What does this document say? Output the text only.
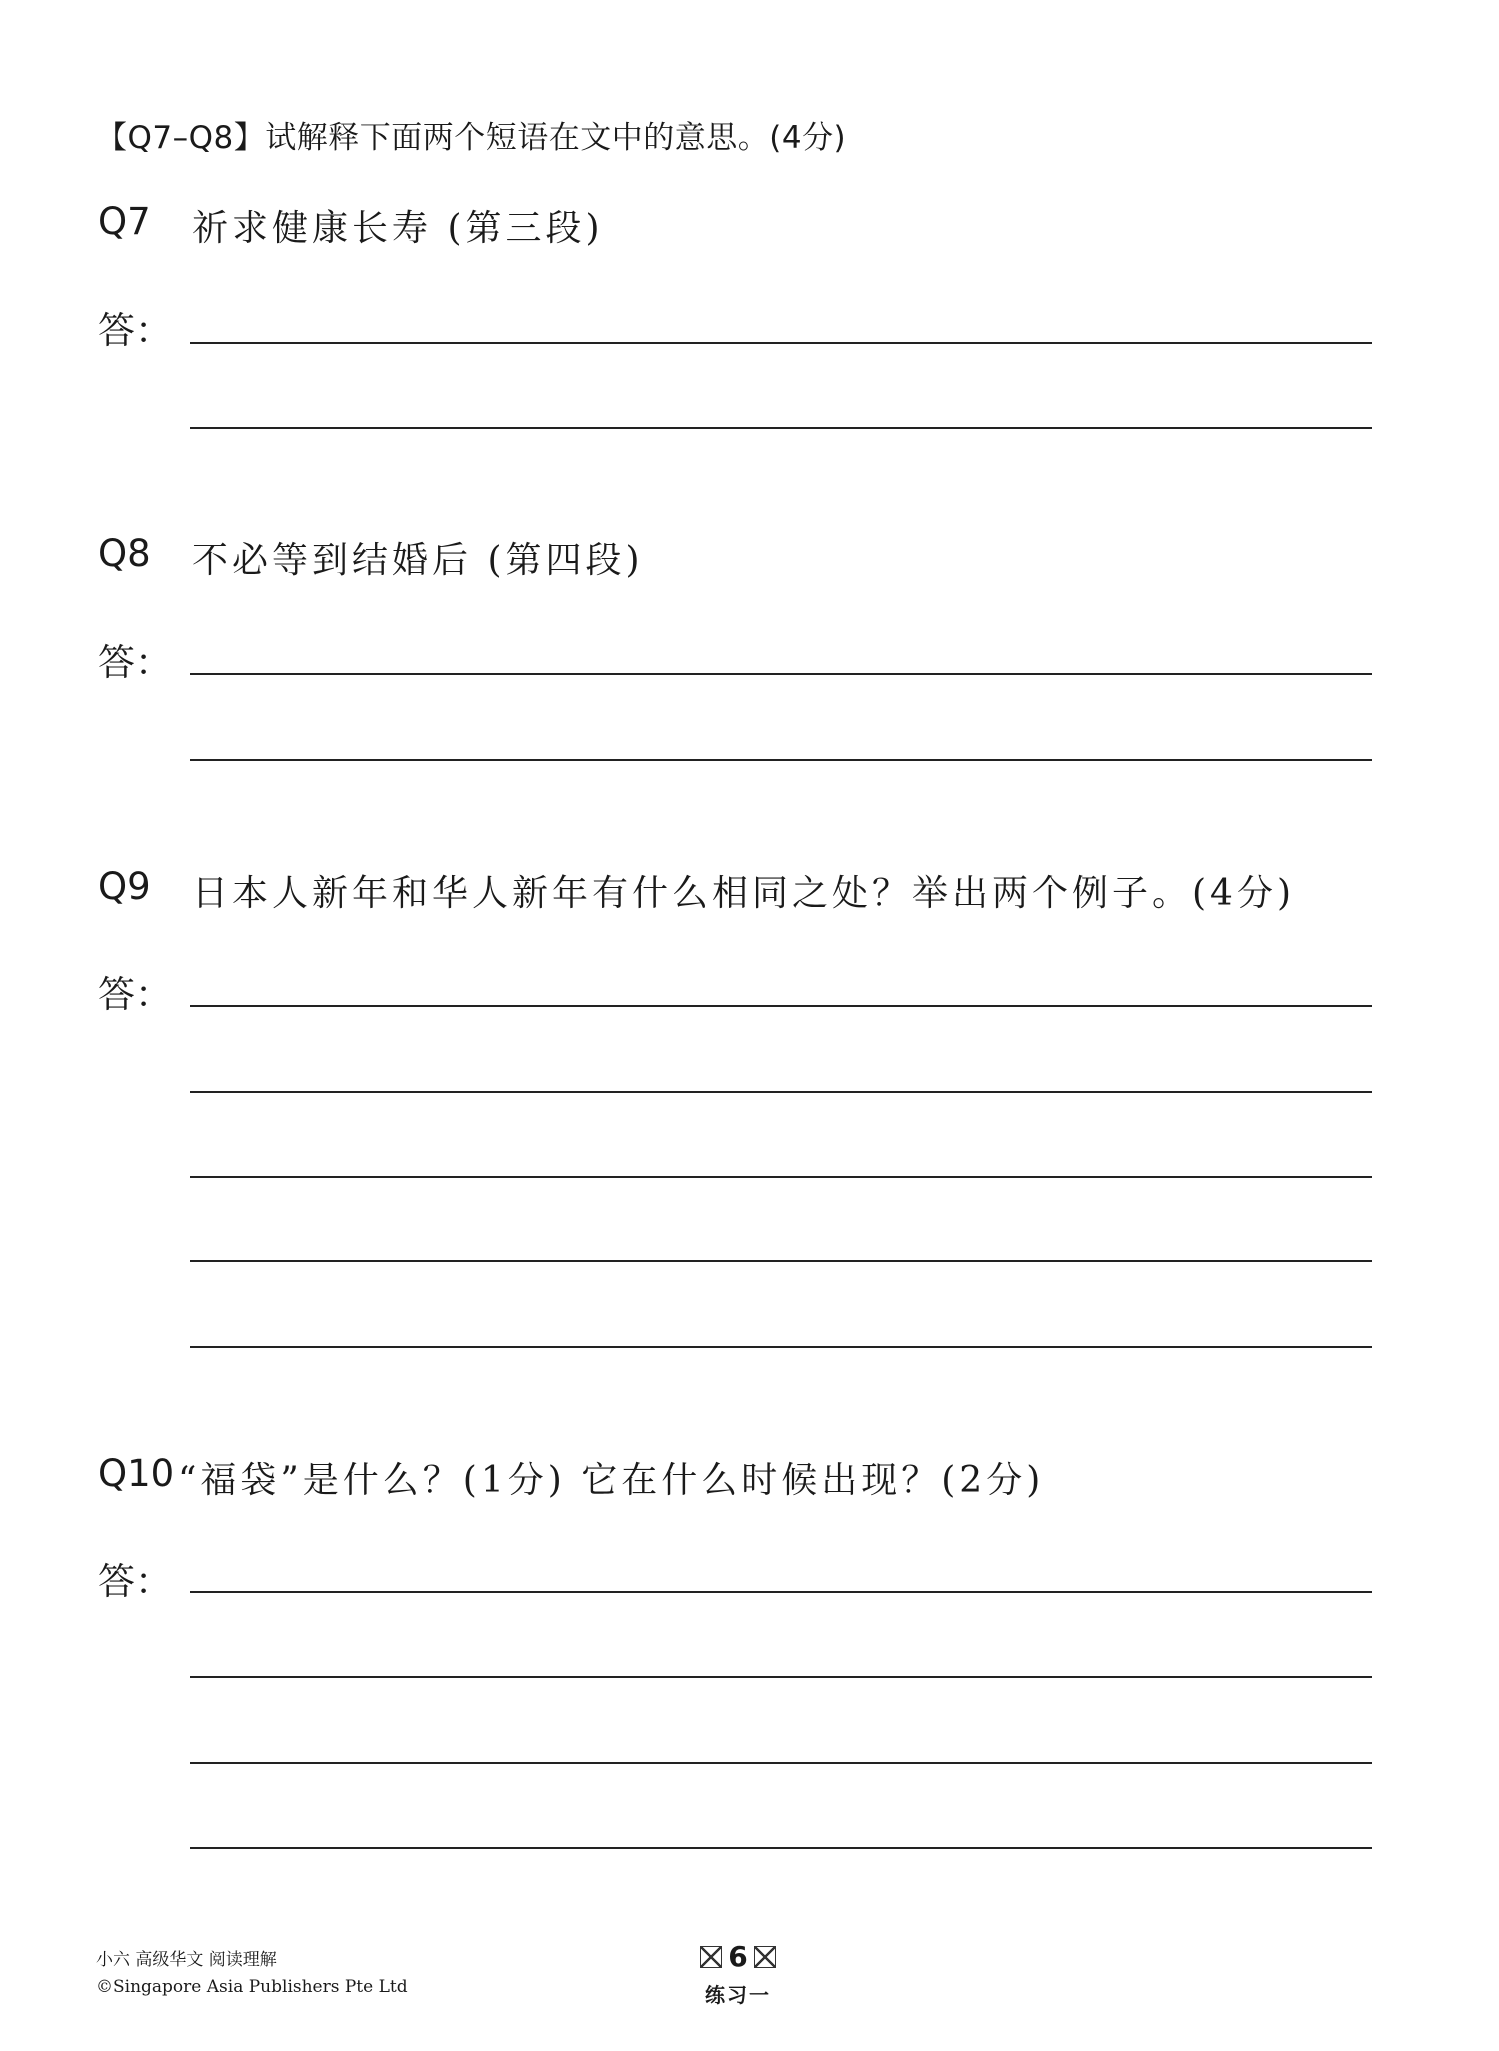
【Q7–Q8】试解释下面两个短语在文中的意思。(4分)
Q7 祈求健康长寿 (第三段)
答：
Q8 不必等到结婚后 (第四段)
答：
Q9 日本人新年和华人新年有什么相同之处？举出两个例子。(4分)
答：
Q10 “福袋”是什么？(1分) 它在什么时候出现？(2分)
答：
小六 高级华文 阅读理解
©Singapore Asia Publishers Pte Ltd
6
练习一
